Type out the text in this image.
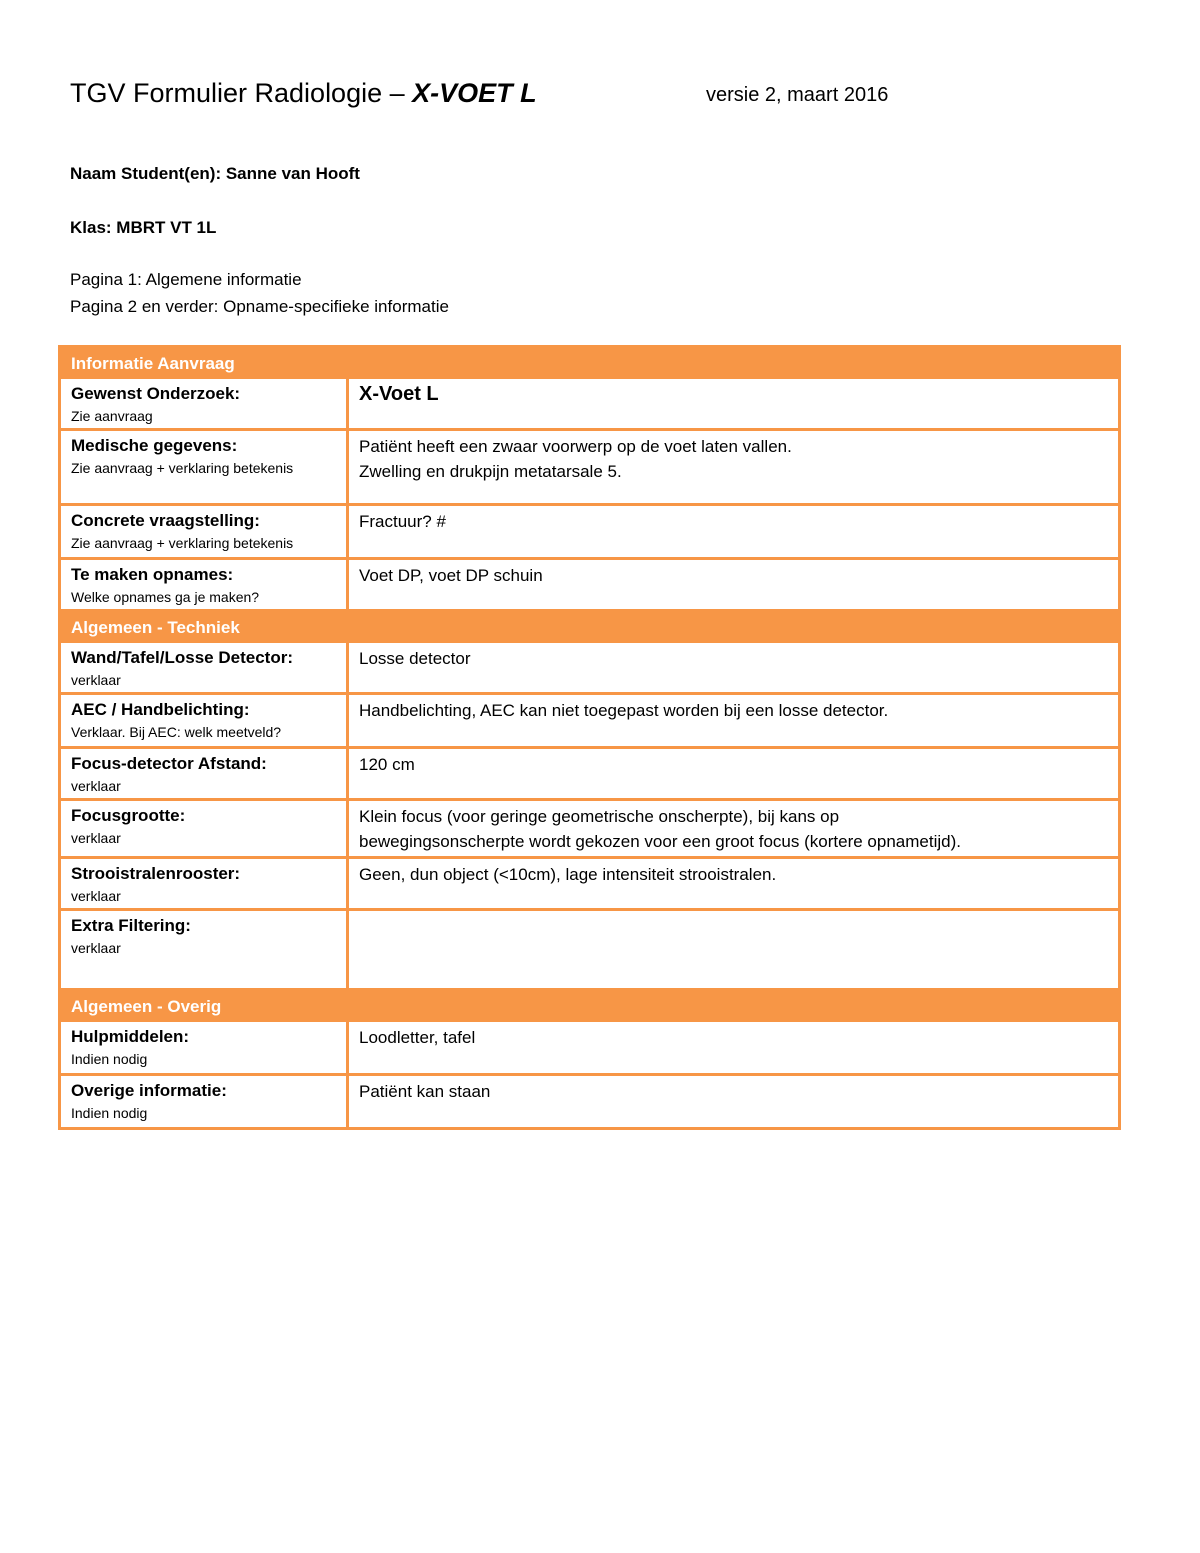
TGV Formulier Radiologie – X-VOET L	versie 2, maart 2016
Naam Student(en): Sanne van Hooft
Klas: MBRT VT 1L
Pagina 1: Algemene informatie
Pagina 2 en verder: Opname-specifieke informatie
Informatie Aanvraag	

Gewenst Onderzoek:
Zie aanvraag	X-Voet L

Medische gegevens:
Zie aanvraag + verklaring betekenis	Patiënt heeft een zwaar voorwerp op de voet laten vallen.
Zwelling en drukpijn metatarsale 5.

Concrete vraagstelling:
Zie aanvraag + verklaring betekenis	Fractuur? #

Te maken opnames:
Welke opnames ga je maken?	Voet DP, voet DP schuin
Algemeen - Techniek	

Wand/Tafel/Losse Detector:
verklaar	Losse detector

AEC / Handbelichting:
Verklaar. Bij AEC: welk meetveld?	Handbelichting, AEC kan niet toegepast worden bij een losse detector.

Focus-detector Afstand:
verklaar	120 cm

Focusgrootte:
verklaar	Klein focus (voor geringe geometrische onscherpte), bij kans op
bewegingsonscherpte wordt gekozen voor een groot focus (kortere opnametijd).

Strooistralenrooster:
verklaar	Geen, dun object (<10cm), lage intensiteit strooistralen.

Extra Filtering:
verklaar	

Algemeen - Overig	

Hulpmiddelen:
Indien nodig	Loodletter, tafel

Overige informatie:
Indien nodig	Patiënt kan staan
